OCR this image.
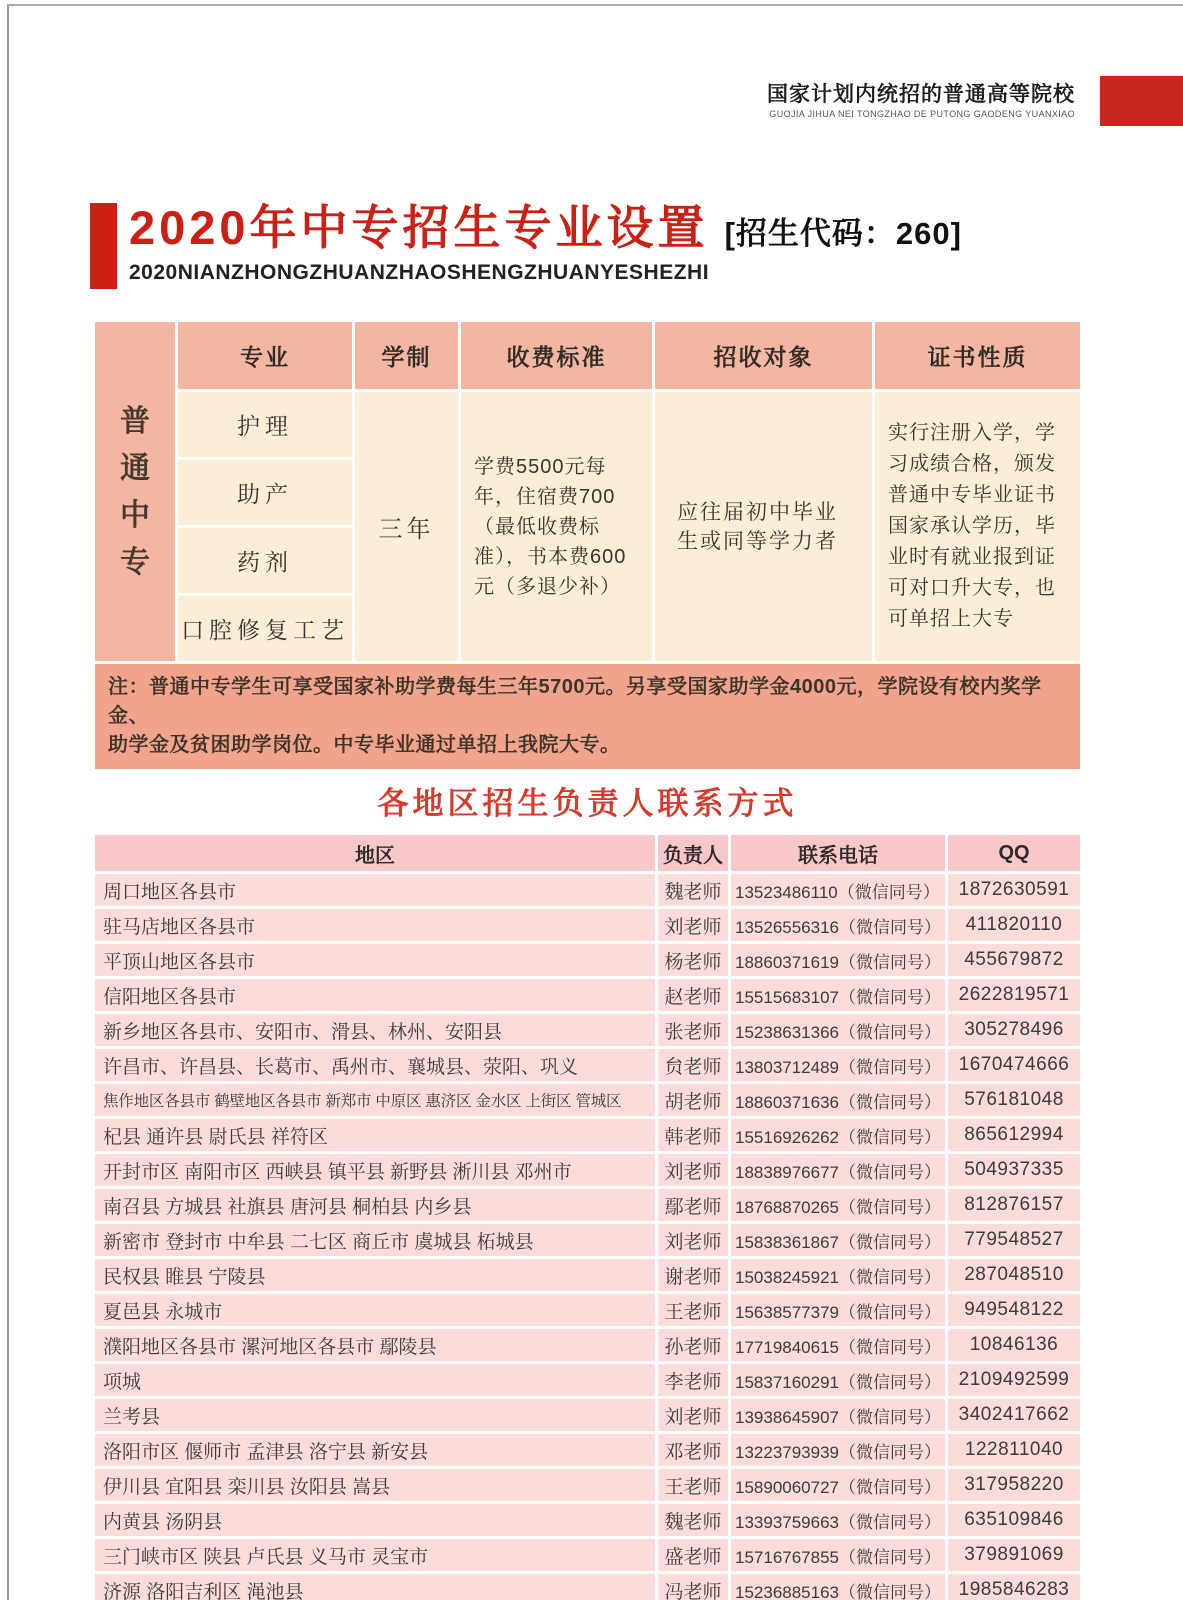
国家计划内统招的普通高等院校
GUOJIA JIHUA NEI TONGZHAO DE PUTONG GAODENG YUANXIAO
2020年中专招生专业设置 [招生代码：260]
2020NIANZHONGZHUANZHAOSHENGZHUANYESHEZHI
普通中专
专业	学制	收费标准	招收对象	证书性质
护理
助产
药剂
口腔修复工艺
三年
学费5500元每年，住宿费700（最低收费标准），书本费600元（多退少补）
应往届初中毕业生或同等学力者
实行注册入学，学习成绩合格，颁发普通中专毕业证书国家承认学历，毕业时有就业报到证可对口升大专，也可单招上大专
注：普通中专学生可享受国家补助学费每生三年5700元。另享受国家助学金4000元，学院设有校内奖学金、
助学金及贫困助学岗位。中专毕业通过单招上我院大专。
各地区招生负责人联系方式
地区	负责人	联系电话	QQ
周口地区各县市	魏老师 13523486110（微信同号） 1872630591
驻马店地区各县市	刘老师 13526556316（微信同号）	411820110
平顶山地区各县市	杨老师 18860371619（微信同号）	455679872
信阳地区各县市	赵老师 15515683107（微信同号） 2622819571
新乡地区各县市、安阳市、滑县、林州、安阳县	张老师 15238631366（微信同号）	305278496
许昌市、许昌县、长葛市、禹州市、襄城县、荥阳、巩义	贠老师 13803712489（微信同号） 1670474666
焦作地区各县市 鹤壁地区各县市 新郑市 中原区 惠济区 金水区 上街区 管城区	胡老师 18860371636（微信同号）	576181048
杞县 通许县 尉氏县 祥符区	韩老师 15516926262（微信同号）	865612994
开封市区 南阳市区 西峡县 镇平县 新野县 淅川县 邓州市	刘老师 18838976677（微信同号）	504937335
南召县 方城县 社旗县 唐河县 桐柏县 内乡县	鄢老师 18768870265（微信同号）	812876157
新密市 登封市 中牟县 二七区 商丘市 虞城县 柘城县	刘老师 15838361867（微信同号）	779548527
民权县 睢县 宁陵县	谢老师 15038245921（微信同号）	287048510
夏邑县 永城市	王老师 15638577379（微信同号）	949548122
濮阳地区各县市 漯河地区各县市 鄢陵县	孙老师 17719840615（微信同号）	10846136
项城	李老师 15837160291（微信同号） 2109492599
兰考县	刘老师 13938645907（微信同号） 3402417662
洛阳市区 偃师市 孟津县 洛宁县 新安县	邓老师 13223793939（微信同号）	122811040
伊川县 宜阳县 栾川县 汝阳县 嵩县	王老师 15890060727（微信同号）	317958220
内黄县 汤阴县	魏老师 13393759663（微信同号）	635109846
三门峡市区 陕县 卢氏县 义马市 灵宝市	盛老师 15716767855（微信同号）	379891069
济源 洛阳吉利区 渑池县	冯老师 15236885163（微信同号） 1985846283
